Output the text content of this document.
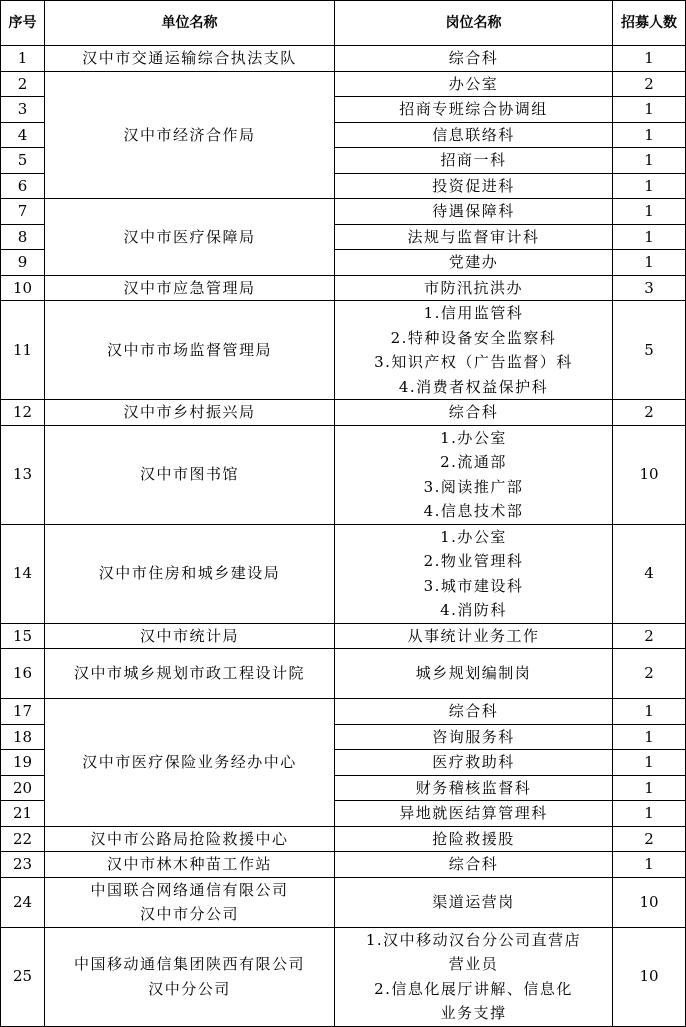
序号	单位名称	岗位名称	招募人数
1	汉中市交通运输综合执法支队	综合科	1
2	汉中市经济合作局	办公室	2
3		招商专班综合协调组	1
4		信息联络科	1
5		招商一科	1
6		投资促进科	1
7	汉中市医疗保障局	待遇保障科	1
8		法规与监督审计科	1
9		党建办	1
10	汉中市应急管理局	市防汛抗洪办	3
11	汉中市市场监督管理局	1.信用监管科
2.特种设备安全监察科
3.知识产权（广告监督）科
4.消费者权益保护科	5
12	汉中市乡村振兴局	综合科	2
13	汉中市图书馆	1.办公室
2.流通部
3.阅读推广部
4.信息技术部	10
14	汉中市住房和城乡建设局	1.办公室
2.物业管理科
3.城市建设科
4.消防科	4
15	汉中市统计局	从事统计业务工作	2
16	汉中市城乡规划市政工程设计院	城乡规划编制岗	2
17	汉中市医疗保险业务经办中心	综合科	1
18		咨询服务科	1
19		医疗救助科	1
20		财务稽核监督科	1
21		异地就医结算管理科	1
22	汉中市公路局抢险救援中心	抢险救援股	2
23	汉中市林木种苗工作站	综合科	1
24	中国联合网络通信有限公司
汉中市分公司	渠道运营岗	10
25	中国移动通信集团陕西有限公司
汉中分公司	1.汉中移动汉台分公司直营店
营业员
2.信息化展厅讲解、信息化
业务支撑	10
